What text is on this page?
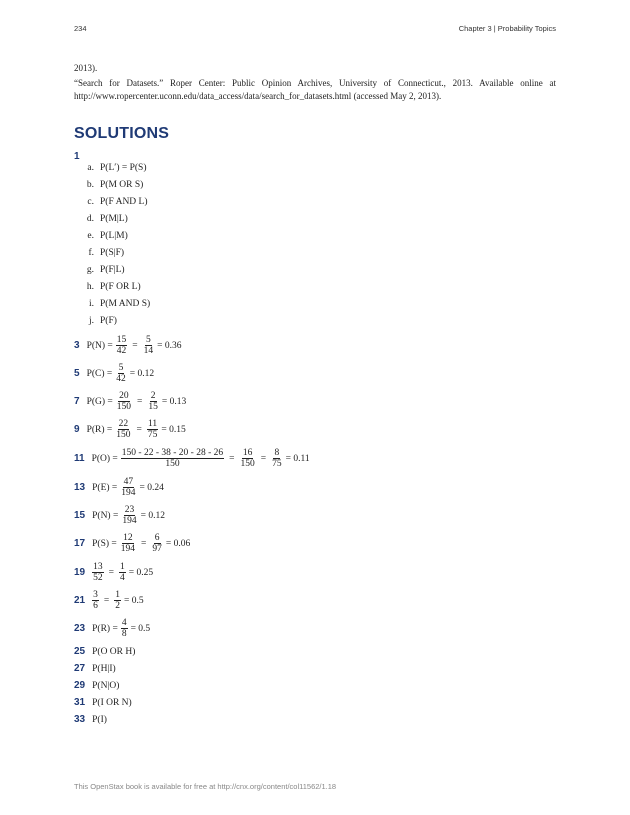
234	Chapter 3 | Probability Topics
2013).
“Search for Datasets.” Roper Center: Public Opinion Archives, University of Connecticut., 2013. Available online at http://www.ropercenter.uconn.edu/data_access/data/search_for_datasets.html (accessed May 2, 2013).
SOLUTIONS
1
a. P(L′) = P(S)
b. P(M OR S)
c. P(F AND L)
d. P(M|L)
e. P(L|M)
f. P(S|F)
g. P(F|L)
h. P(F OR L)
i. P(M AND S)
j. P(F)
3 $P(N) = \frac{15}{42} = \frac{5}{14} = 0.36$
5 $P(C) = \frac{5}{42} = 0.12$
7 $P(G) = \frac{20}{150} = \frac{2}{15} = 0.13$
9 $P(R) = \frac{22}{150} = \frac{11}{75} = 0.15$
11 $P(O) = \frac{150 - 22 - 38 - 20 - 28 - 26}{150} = \frac{16}{150} = \frac{8}{75} = 0.11$
13 $P(E) = \frac{47}{194} = 0.24$
15 $P(N) = \frac{23}{194} = 0.12$
17 $P(S) = \frac{12}{194} = \frac{6}{97} = 0.06$
$19 \frac{13}{52} = \frac{1}{4} = 0.25$
$21 \frac{3}{6} = \frac{1}{2} = 0.5$
23 $P(R) = \frac{4}{8} = 0.5$
25 P(O OR H)
27 P(H|I)
29 P(N|O)
31 P(I OR N)
33 P(I)
This OpenStax book is available for free at http://cnx.org/content/col11562/1.18
